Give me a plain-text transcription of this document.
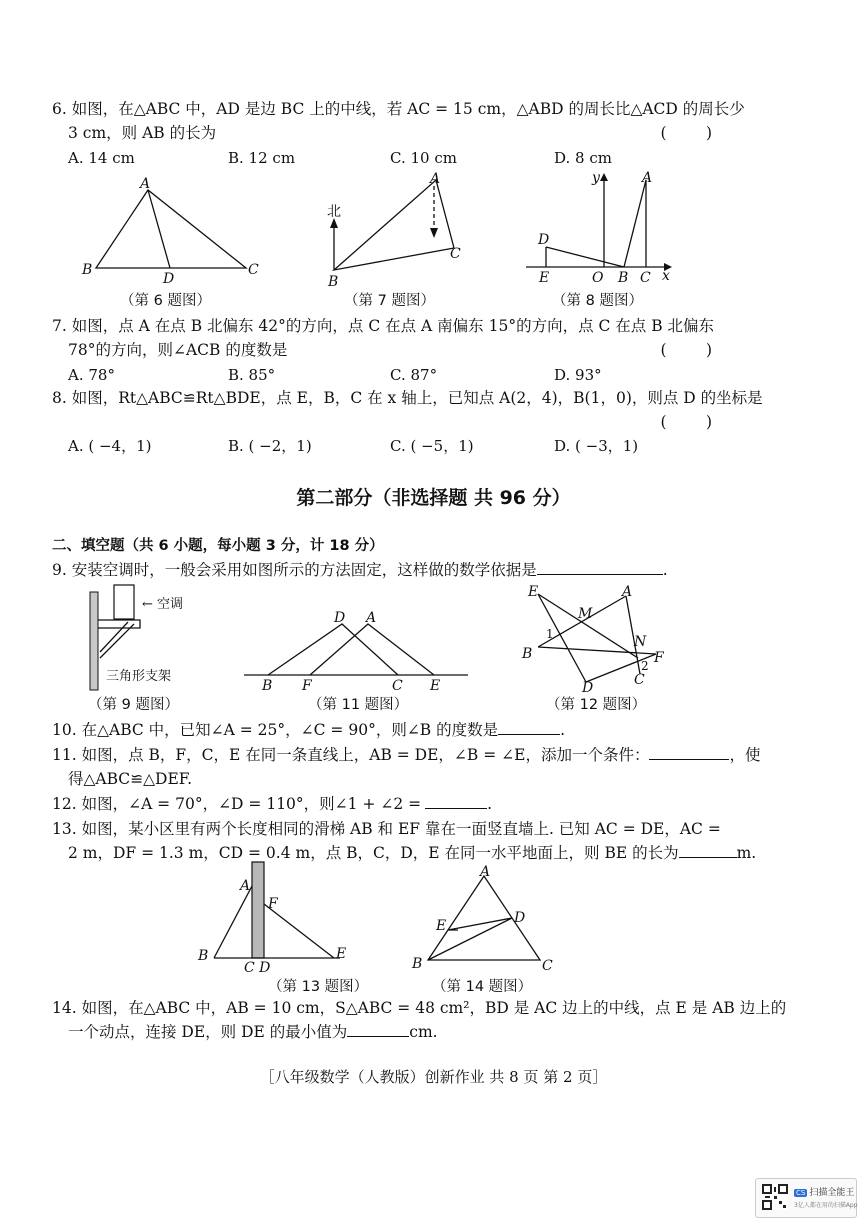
6. 如图，在△ABC 中，AD 是边 BC 上的中线，若 AC = 15 cm，△ABD 的周长比△ACD 的周长少
3 cm，则 AB 的长为	(        )
A. 14 cm	B. 12 cm	C. 10 cm	D. 8 cm
A
B
D
C
（第 6 题图）
北
A
B
C
（第 7 题图）
y	A
D
E	O B C x
（第 8 题图）
7. 如图，点 A 在点 B 北偏东 42°的方向，点 C 在点 A 南偏东 15°的方向，点 C 在点 B 北偏东
78°的方向，则∠ACB 的度数是	(        )
A. 78°	B. 85°	C. 87°	D. 93°
8. 如图，Rt△ABC≌Rt△BDE，点 E，B，C 在 x 轴上，已知点 A(2，4)，B(1，0)，则点 D 的坐标是
(        )
A. ( −4，1)	B. ( −2，1)	C. ( −5，1)	D. ( −3，1)
第二部分（非选择题 共 96 分）
二、填空题（共 6 小题，每小题 3 分，计 18 分）
9. 安装空调时，一般会采用如图所示的方法固定，这样做的数学依据是	.
← 空调
三角形支架
（第 9 题图）
D A
B F	C E
（第 11 题图）
E
M
A
1	N
B	F
2
D	C
（第 12 题图）
10. 在△ABC 中，已知∠A = 25°，∠C = 90°，则∠B 的度数是	.
11. 如图，点 B，F，C，E 在同一条直线上，AB = DE，∠B = ∠E，添加一个条件：	，使
得△ABC≌△DEF.
12. 如图，∠A = 70°，∠D = 110°，则∠1 + ∠2 =	.
13. 如图，某小区里有两个长度相同的滑梯 AB 和 EF 靠在一面竖直墙上. 已知 AC = DE，AC =
2 m，DF = 1.3 m，CD = 0.4 m，点 B，C，D，E 在同一水平地面上，则 BE 的长为	m.
A
F
B
C D
E
（第 13 题图）
A
E	D
B	C
（第 14 题图）
14. 如图，在△ABC 中，AB = 10 cm，S△ABC = 48 cm²，BD 是 AC 边上的中线，点 E 是 AB 边上的
一个动点，连接 DE，则 DE 的最小值为	cm.
［八年级数学（人教版）创新作业 共 8 页 第 2 页］
CS 扫描全能王
3亿人都在用的扫描App
